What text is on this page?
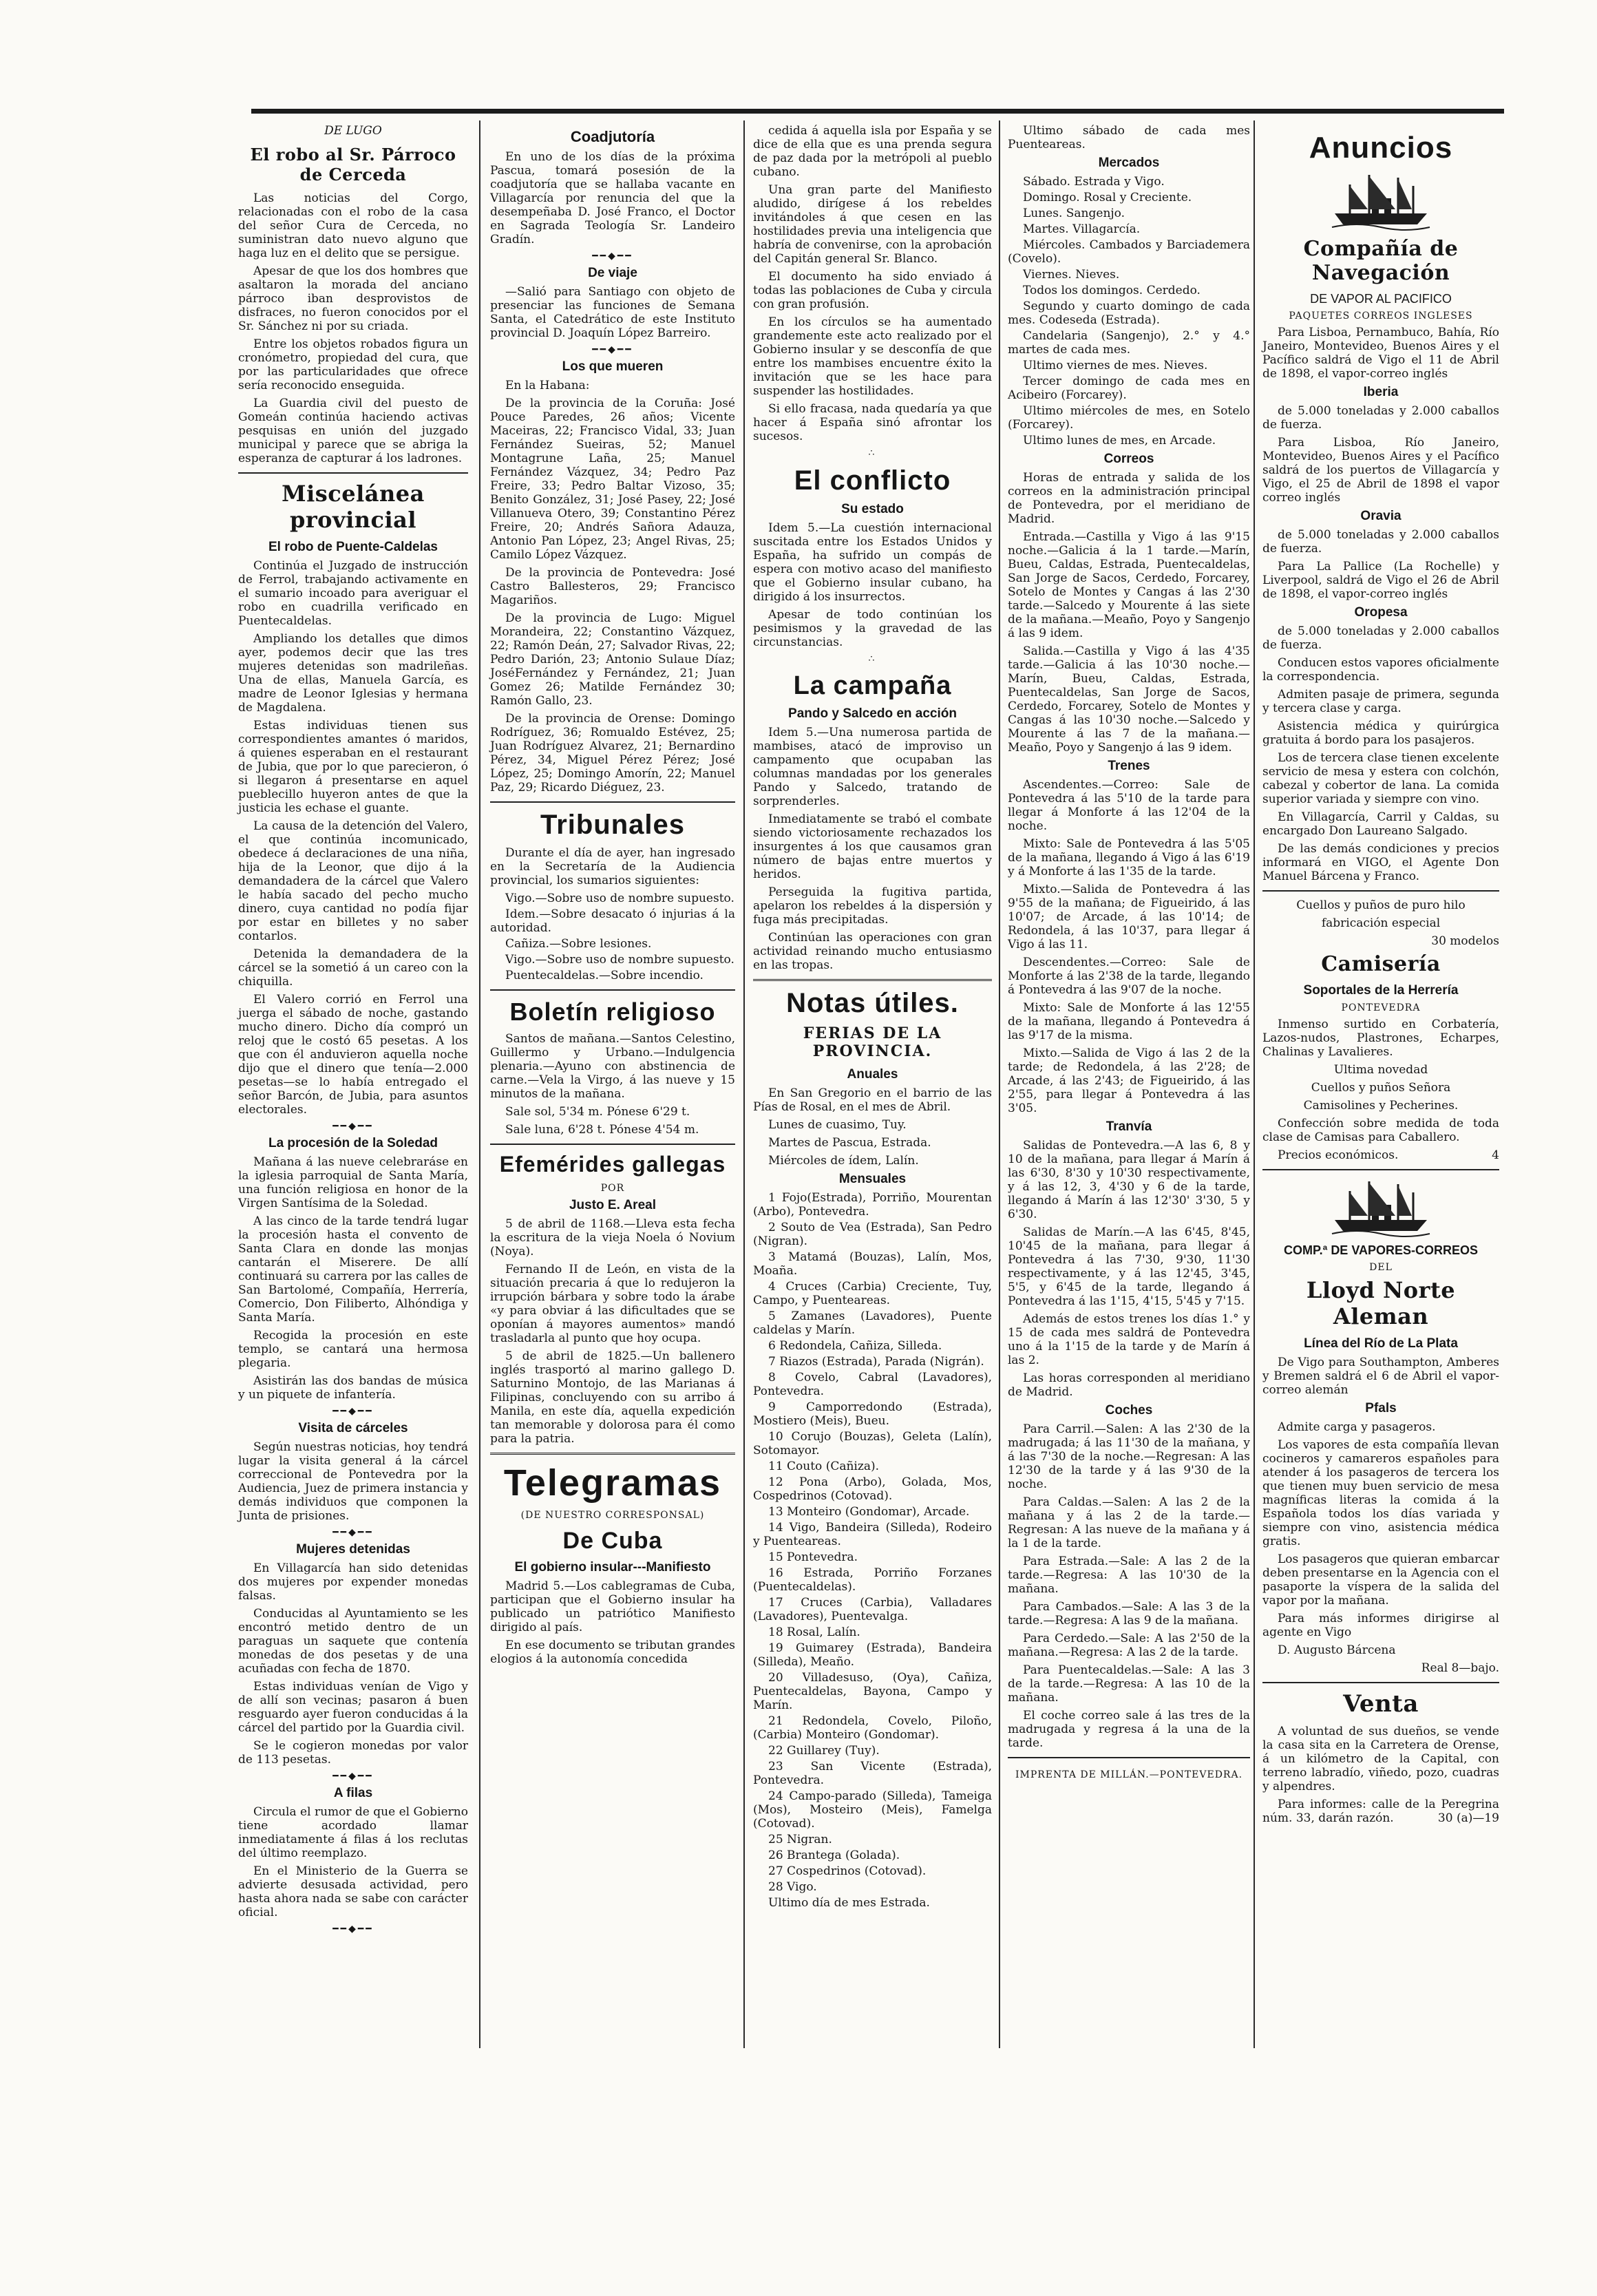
DE LUGO
El robo al Sr. Párroco de Cerceda

Las noticias del Corgo, relacionadas con el robo de la casa del señor Cura de Cerceda, no suministran dato nuevo alguno que haga luz en el delito que se persigue.

Apesar de que los dos hombres que asaltaron la morada del anciano párroco iban desprovistos de disfraces, no fueron conocidos por el Sr. Sánchez ni por su criada.

Entre los objetos robados figura un cronómetro, propiedad del cura, que por las particularidades que ofrece sería reconocido enseguida.

La Guardia civil del puesto de Gomeán continúa haciendo activas pesquisas en unión del juzgado municipal y parece que se abriga la esperanza de capturar á los ladrones.

Miscelánea provincial
El robo de Puente-Caldelas

Continúa el Juzgado de instrucción de Ferrol, trabajando activamente en el sumario incoado para averiguar el robo en cuadrilla verificado en Puentecaldelas.

Ampliando los detalles que dimos ayer, podemos decir que las tres mujeres detenidas son madrileñas. Una de ellas, Manuela García, es madre de Leonor Iglesias y hermana de Magdalena.

Estas individuas tienen sus correspondientes amantes ó maridos, á quienes esperaban en el restaurant de Jubia, que por lo que parecieron, ó si llegaron á presentarse en aquel pueblecillo huyeron antes de que la justicia les echase el guante.

La causa de la detención del Valero, el que continúa incomunicado, obedece á declaraciones de una niña, hija de la Leonor, que dijo á la demandadera de la cárcel que Valero le había sacado del pecho mucho dinero, cuya cantidad no podía fijar por estar en billetes y no saber contarlos.

Detenida la demandadera de la cárcel se la sometió á un careo con la chiquilla.

El Valero corrió en Ferrol una juerga el sábado de noche, gastando mucho dinero. Dicho día compró un reloj que le costó 65 pesetas. A los que con él anduvieron aquella noche dijo que el dinero que tenía—2.000 pesetas—se lo había entregado el señor Barcón, de Jubia, para asuntos electorales.

━━◆━━
La procesión de la Soledad

Mañana á las nueve celebraráse en la iglesia parroquial de Santa María, una función religiosa en honor de la Virgen Santísima de la Soledad.

A las cinco de la tarde tendrá lugar la procesión hasta el convento de Santa Clara en donde las monjas cantarán el Miserere. De allí continuará su carrera por las calles de San Bartolomé, Compañía, Herrería, Comercio, Don Filiberto, Alhóndiga y Santa María.

Recogida la procesión en este templo, se cantará una hermosa plegaria.

Asistirán las dos bandas de música y un piquete de infantería.

━━◆━━
Visita de cárceles

Según nuestras noticias, hoy tendrá lugar la visita general á la cárcel correccional de Pontevedra por la Audiencia, Juez de primera instancia y demás individuos que componen la Junta de prisiones.

━━◆━━
Mujeres detenidas

En Villagarcía han sido detenidas dos mujeres por expender monedas falsas.

Conducidas al Ayuntamiento se les encontró metido dentro de un paraguas un saquete que contenía monedas de dos pesetas y de una acuñadas con fecha de 1870.

Estas individuas venían de Vigo y de allí son vecinas; pasaron á buen resguardo ayer fueron conducidas á la cárcel del partido por la Guardia civil.

Se le cogieron monedas por valor de 113 pesetas.

━━◆━━
A filas

Circula el rumor de que el Gobierno tiene acordado llamar inmediatamente á filas á los reclutas del último reemplazo.

En el Ministerio de la Guerra se advierte desusada actividad, pero hasta ahora nada se sabe con carácter oficial.

━━◆━━
Coadjutoría

En uno de los días de la próxima Pascua, tomará posesión de la coadjutoría que se hallaba vacante en Villagarcía por renuncia del que la desempeñaba D. José Franco, el Doctor en Sagrada Teología Sr. Landeiro Gradín.

━━◆━━
De viaje

—Salió para Santiago con objeto de presenciar las funciones de Semana Santa, el Catedrático de este Instituto provincial D. Joaquín López Barreiro.

━━◆━━
Los que mueren

En la Habana:

De la provincia de la Coruña: José Pouce Paredes, 26 años; Vicente Maceiras, 22; Francisco Vidal, 33; Juan Fernández Sueiras, 52; Manuel Montagrune Laña, 25; Manuel Fernández Vázquez, 34; Pedro Paz Freire, 33; Pedro Baltar Vizoso, 35; Benito González, 31; José Pasey, 22; José Villanueva Otero, 39; Constantino Pérez Freire, 20; Andrés Sañora Adauza, Antonio Pan López, 23; Angel Rivas, 25; Camilo López Vázquez.

De la provincia de Pontevedra: José Castro Ballesteros, 29; Francisco Magariños.

De la provincia de Lugo: Miguel Morandeira, 22; Constantino Vázquez, 22; Ramón Deán, 27; Salvador Rivas, 22; Pedro Darión, 23; Antonio Sulaue Díaz; JoséFernández y Fernández, 21; Juan Gomez 26; Matilde Fernández 30; Ramón Gallo, 23.

De la provincia de Orense: Domingo Rodríguez, 36; Romualdo Estévez, 25; Juan Rodríguez Alvarez, 21; Bernardino Pérez, 34, Miguel Pérez Pérez; José López, 25; Domingo Amorín, 22; Manuel Paz, 29; Ricardo Diéguez, 23.

Tribunales

Durante el día de ayer, han ingresado en la Secretaría de la Audiencia provincial, los sumarios siguientes:

Vigo.—Sobre uso de nombre supuesto.

Idem.—Sobre desacato ó injurias á la autoridad.

Cañiza.—Sobre lesiones.

Vigo.—Sobre uso de nombre supuesto.

Puentecaldelas.—Sobre incendio.

Boletín religioso

Santos de mañana.—Santos Celestino, Guillermo y Urbano.—Indulgencia plenaria.—Ayuno con abstinencia de carne.—Vela la Virgo, á las nueve y 15 minutos de la mañana.

Sale sol, 5'34 m. Pónese 6'29 t.

Sale luna, 6'28 t. Pónese 4'54 m.

Efemérides gallegas
POR
Justo E. Areal

5 de abril de 1168.—Lleva esta fecha la escritura de la vieja Noela ó Novium (Noya).

Fernando II de León, en vista de la situación precaria á que lo redujeron la irrupción bárbara y sobre todo la árabe «y para obviar á las dificultades que se oponían á mayores aumentos» mandó trasladarla al punto que hoy ocupa.

5 de abril de 1825.—Un ballenero inglés trasportó al marino gallego D. Saturnino Montojo, de las Marianas á Filipinas, concluyendo con su arribo á Manila, en este día, aquella expedición tan memorable y dolorosa para él como para la patria.

Telegramas
(DE NUESTRO CORRESPONSAL)
De Cuba
El gobierno insular---Manifiesto

Madrid 5.—Los cablegramas de Cuba, participan que el Gobierno insular ha publicado un patriótico Manifiesto dirigido al país.

En ese documento se tributan grandes elogios á la autonomía concedida

cedida á aquella isla por España y se dice de ella que es una prenda segura de paz dada por la metrópoli al pueblo cubano.

Una gran parte del Manifiesto aludido, dirígese á los rebeldes invitándoles á que cesen en las hostilidades previa una inteligencia que habría de convenirse, con la aprobación del Capitán general Sr. Blanco.

El documento ha sido enviado á todas las poblaciones de Cuba y circula con gran profusión.

En los círculos se ha aumentado grandemente este acto realizado por el Gobierno insular y se desconfía de que entre los mambises encuentre éxito la invitación que se les hace para suspender las hostilidades.

Si ello fracasa, nada quedaría ya que hacer á España sinó afrontar los sucesos.

∴
El conflicto
Su estado

Idem 5.—La cuestión internacional suscitada entre los Estados Unidos y España, ha sufrido un compás de espera con motivo acaso del manifiesto que el Gobierno insular cubano, ha dirigido á los insurrectos.

Apesar de todo continúan los pesimismos y la gravedad de las circunstancias.

∴
La campaña
Pando y Salcedo en acción

Idem 5.—Una numerosa partida de mambises, atacó de improviso un campamento que ocupaban las columnas mandadas por los generales Pando y Salcedo, tratando de sorprenderles.

Inmediatamente se trabó el combate siendo victoriosamente rechazados los insurgentes á los que causamos gran número de bajas entre muertos y heridos.

Perseguida la fugitiva partida, apelaron los rebeldes á la dispersión y fuga más precipitadas.

Continúan las operaciones con gran actividad reinando mucho entusiasmo en las tropas.

Notas útiles.
FERIAS DE LA PROVINCIA.
Anuales

En San Gregorio en el barrio de las Pías de Rosal, en el mes de Abril.

Lunes de cuasimo, Tuy.

Martes de Pascua, Estrada.

Miércoles de ídem, Lalín.

Mensuales

1 Fojo(Estrada), Porriño, Mourentan (Arbo), Pontevedra.

2 Souto de Vea (Estrada), San Pedro (Nigran).

3 Matamá (Bouzas), Lalín, Mos, Moaña.

4 Cruces (Carbia) Creciente, Tuy, Campo, y Puenteareas.

5 Zamanes (Lavadores), Puente caldelas y Marín.

6 Redondela, Cañiza, Silleda.

7 Riazos (Estrada), Parada (Nigrán).

8 Covelo, Cabral (Lavadores), Pontevedra.

9 Camporredondo (Estrada), Mostiero (Meis), Bueu.

10 Corujo (Bouzas), Geleta (Lalín), Sotomayor.

11 Couto (Cañiza).

12 Pona (Arbo), Golada, Mos, Cospedrinos (Cotovad).

13 Monteiro (Gondomar), Arcade.

14 Vigo, Bandeira (Silleda), Rodeiro y Puenteareas.

15 Pontevedra.

16 Estrada, Porriño Forzanes (Puentecaldelas).

17 Cruces (Carbia), Valladares (Lavadores), Puentevalga.

18 Rosal, Lalín.

19 Guimarey (Estrada), Bandeira (Silleda), Meaño.

20 Villadesuso, (Oya), Cañiza, Puentecaldelas, Bayona, Campo y Marín.

21 Redondela, Covelo, Piloño, (Carbia) Monteiro (Gondomar).

22 Guillarey (Tuy).

23 San Vicente (Estrada), Pontevedra.

24 Campo-parado (Silleda), Tameiga (Mos), Mosteiro (Meis), Famelga (Cotovad).

25 Nigran.

26 Brantega (Golada).

27 Cospedrinos (Cotovad).

28 Vigo.

Ultimo día de mes Estrada.

Ultimo sábado de cada mes Puenteareas.

Mercados

Sábado. Estrada y Vigo.

Domingo. Rosal y Creciente.

Lunes. Sangenjo.

Martes. Villagarcía.

Miércoles. Cambados y Barciademera (Covelo).

Viernes. Nieves.

Todos los domingos. Cerdedo.

Segundo y cuarto domingo de cada mes. Codeseda (Estrada).

Candelaria (Sangenjo), 2.° y 4.° martes de cada mes.

Ultimo viernes de mes. Nieves.

Tercer domingo de cada mes en Acibeiro (Forcarey).

Ultimo miércoles de mes, en Sotelo (Forcarey).

Ultimo lunes de mes, en Arcade.

Correos

Horas de entrada y salida de los correos en la administración principal de Pontevedra, por el meridiano de Madrid.

Entrada.—Castilla y Vigo á las 9'15 noche.—Galicia á la 1 tarde.—Marín, Bueu, Caldas, Estrada, Puentecaldelas, San Jorge de Sacos, Cerdedo, Forcarey, Sotelo de Montes y Cangas á las 2'30 tarde.—Salcedo y Mourente á las siete de la mañana.—Meaño, Poyo y Sangenjo á las 9 idem.

Salida.—Castilla y Vigo á las 4'35 tarde.—Galicia á las 10'30 noche.—Marín, Bueu, Caldas, Estrada, Puentecaldelas, San Jorge de Sacos, Cerdedo, Forcarey, Sotelo de Montes y Cangas á las 10'30 noche.—Salcedo y Mourente á las 7 de la mañana.—Meaño, Poyo y Sangenjo á las 9 idem.

Trenes

Ascendentes.—Correo: Sale de Pontevedra á las 5'10 de la tarde para llegar á Monforte á las 12'04 de la noche.

Mixto: Sale de Pontevedra á las 5'05 de la mañana, llegando á Vigo á las 6'19 y á Monforte á las 1'35 de la tarde.

Mixto.—Salida de Pontevedra á las 9'55 de la mañana; de Figueirido, á las 10'07; de Arcade, á las 10'14; de Redondela, á las 10'37, para llegar á Vigo á las 11.

Descendentes.—Correo: Sale de Monforte á las 2'38 de la tarde, llegando á Pontevedra á las 9'07 de la noche.

Mixto: Sale de Monforte á las 12'55 de la mañana, llegando á Pontevedra á las 9'17 de la misma.

Mixto.—Salida de Vigo á las 2 de la tarde; de Redondela, á las 2'28; de Arcade, á las 2'43; de Figueirido, á las 2'55, para llegar á Pontevedra á las 3'05.

Tranvía

Salidas de Pontevedra.—A las 6, 8 y 10 de la mañana, para llegar á Marín á las 6'30, 8'30 y 10'30 respectivamente, y á las 12, 3, 4'30 y 6 de la tarde, llegando á Marín á las 12'30' 3'30, 5 y 6'30.

Salidas de Marín.—A las 6'45, 8'45, 10'45 de la mañana, para llegar á Pontevedra á las 7'30, 9'30, 11'30 respectivamente, y á las 12'45, 3'45, 5'5, y 6'45 de la tarde, llegando á Pontevedra á las 1'15, 4'15, 5'45 y 7'15.

Además de estos trenes los días 1.° y 15 de cada mes saldrá de Pontevedra uno á la 1'15 de la tarde y de Marín á las 2.

Las horas corresponden al meridiano de Madrid.

Coches

Para Carril.—Salen: A las 2'30 de la madrugada; á las 11'30 de la mañana, y á las 7'30 de la noche.—Regresan: A las 12'30 de la tarde y á las 9'30 de la noche.

Para Caldas.—Salen: A las 2 de la mañana y á las 2 de la tarde.—Regresan: A las nueve de la mañana y á la 1 de la tarde.

Para Estrada.—Sale: A las 2 de la tarde.—Regresa: A las 10'30 de la mañana.

Para Cambados.—Sale: A las 3 de la tarde.—Regresa: A las 9 de la mañana.

Para Cerdedo.—Sale: A las 2'50 de la mañana.—Regresa: A las 2 de la tarde.

Para Puentecaldelas.—Sale: A las 3 de la tarde.—Regresa: A las 10 de la mañana.

El coche correo sale á las tres de la madrugada y regresa á la una de la tarde.

IMPRENTA DE MILLÁN.—PONTEVEDRA.
Anuncios
Compañía de Navegación
DE VAPOR AL PACIFICO
PAQUETES CORREOS INGLESES

Para Lisboa, Pernambuco, Bahía, Río Janeiro, Montevideo, Buenos Aires y el Pacífico saldrá de Vigo el 11 de Abril de 1898, el vapor-correo inglés

Iberia

de 5.000 toneladas y 2.000 caballos de fuerza.

Para Lisboa, Río Janeiro, Montevideo, Buenos Aires y el Pacífico saldrá de los puertos de Villagarcía y Vigo, el 25 de Abril de 1898 el vapor correo inglés

Oravia

de 5.000 toneladas y 2.000 caballos de fuerza.

Para La Pallice (La Rochelle) y Liverpool, saldrá de Vigo el 26 de Abril de 1898, el vapor-correo inglés

Oropesa

de 5.000 toneladas y 2.000 caballos de fuerza.

Conducen estos vapores oficialmente la correspondencia.

Admiten pasaje de primera, segunda y tercera clase y carga.

Asistencia médica y quirúrgica gratuita á bordo para los pasajeros.

Los de tercera clase tienen excelente servicio de mesa y estera con colchón, cabezal y cobertor de lana. La comida superior variada y siempre con vino.

En Villagarcía, Carril y Caldas, su encargado Don Laureano Salgado.

De las demás condiciones y precios informará en VIGO, el Agente Don Manuel Bárcena y Franco.

Cuellos y puños de puro hilo

fabricación especial

30 modelos

Camisería
Soportales de la Herrería
PONTEVEDRA

Inmenso surtido en Corbatería, Lazos-nudos, Plastrones, Echarpes, Chalinas y Lavalieres.

Ultima novedad

Cuellos y puños Señora

Camisolines y Pecherines.

Confección sobre medida de toda clase de Camisas para Caballero.

Precios económicos.	4

COMP.ª DE VAPORES-CORREOS
DEL
Lloyd Norte Aleman
Línea del Río de La Plata

De Vigo para Southampton, Amberes y Bremen saldrá el 6 de Abril el vapor-correo alemán

Pfals

Admite carga y pasageros.

Los vapores de esta compañía llevan cocineros y camareros españoles para atender á los pasageros de tercera los que tienen muy buen servicio de mesa magníficas literas la comida á la Española todos los días variada y siempre con vino, asistencia médica gratis.

Los pasageros que quieran embarcar deben presentarse en la Agencia con el pasaporte la víspera de la salida del vapor por la mañana.

Para más informes dirigirse al agente en Vigo

D. Augusto Bárcena

Real 8—bajo.

Venta

A voluntad de sus dueños, se vende la casa sita en la Carretera de Orense, á un kilómetro de la Capital, con terreno labradío, viñedo, pozo, cuadras y alpendres.

Para informes: calle de la Peregrina núm. 33, darán razón.	30 (a)—19
